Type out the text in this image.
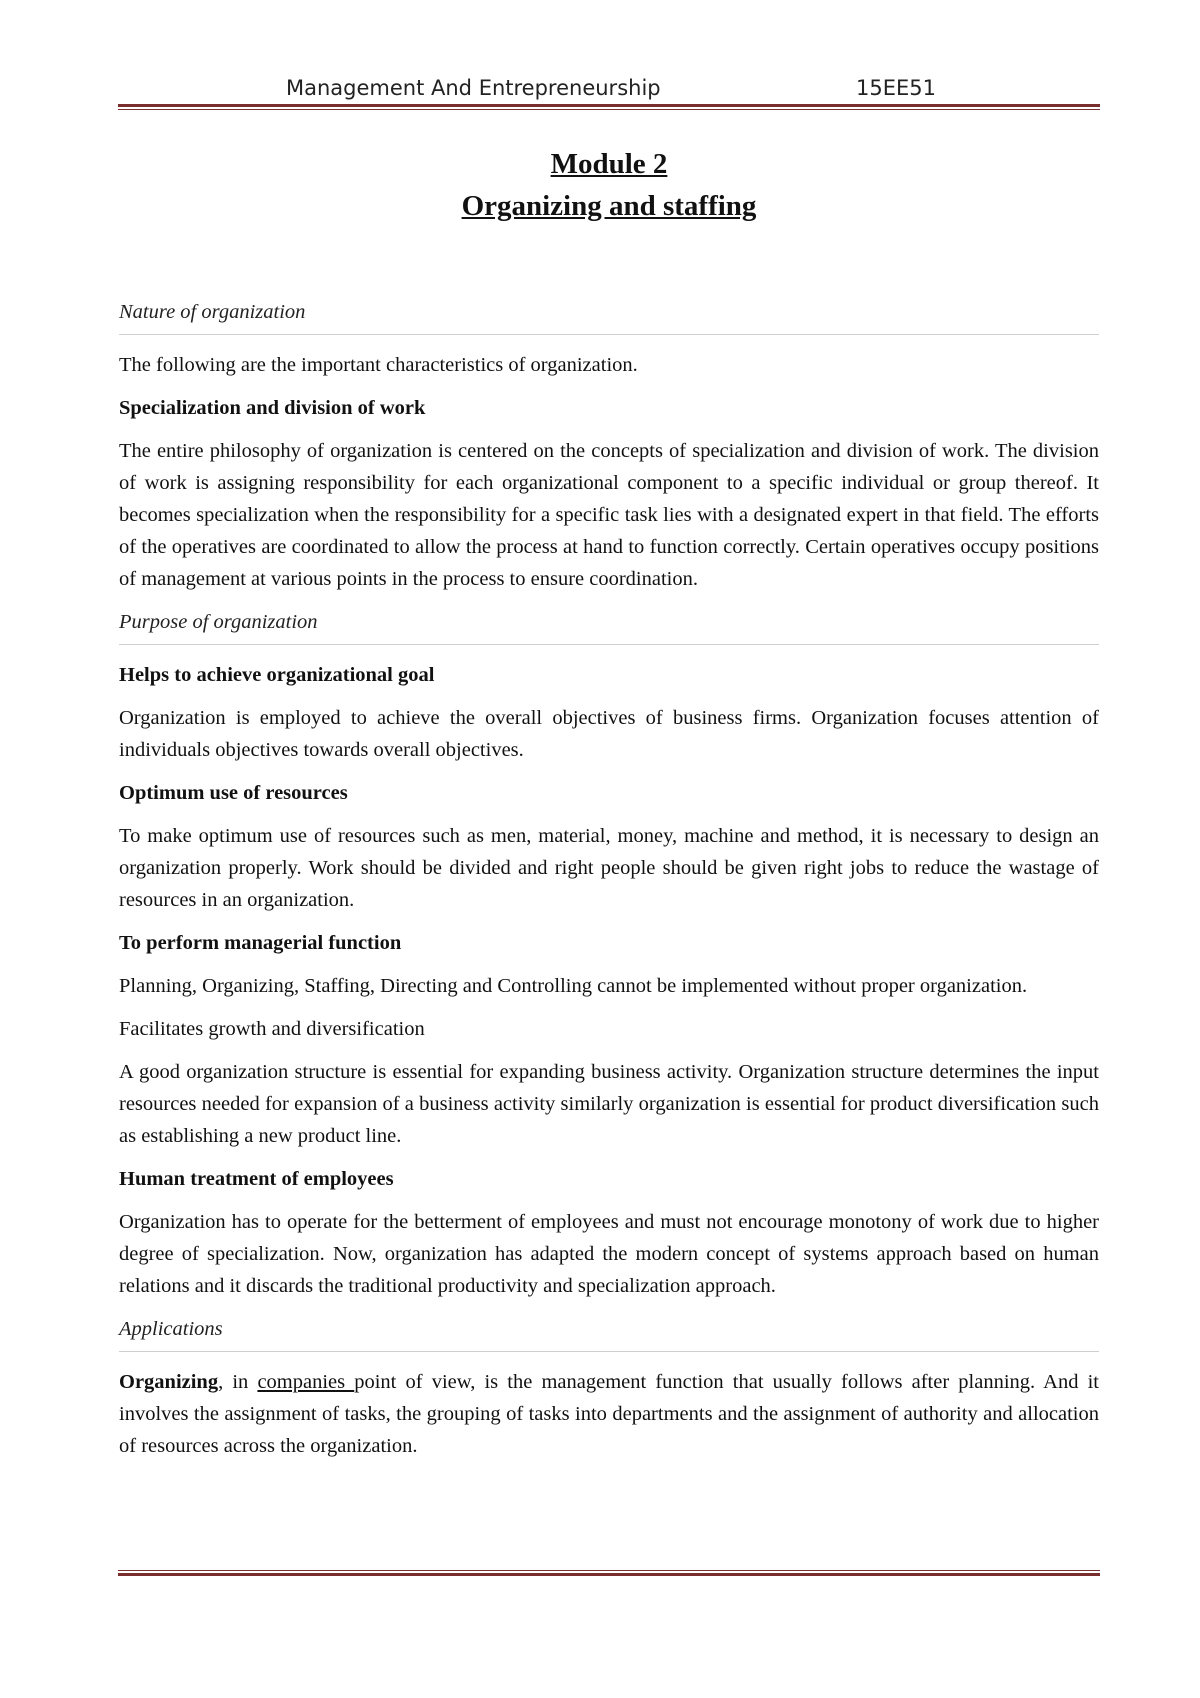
Management And Entrepreneurship	15EE51
Module 2
Organizing and staffing
Nature of organization

The following are the important characteristics of organization.

Specialization and division of work

The entire philosophy of organization is centered on the concepts of specialization and division of work. The division of work is assigning responsibility for each organizational component to a specific individual or group thereof. It becomes specialization when the responsibility for a specific task lies with a designated expert in that field. The efforts of the operatives are coordinated to allow the process at hand to function correctly. Certain operatives occupy positions of management at various points in the process to ensure coordination.

Purpose of organization

Helps to achieve organizational goal

Organization is employed to achieve the overall objectives of business firms. Organization focuses attention of individuals objectives towards overall objectives.

Optimum use of resources

To make optimum use of resources such as men, material, money, machine and method, it is necessary to design an organization properly. Work should be divided and right people should be given right jobs to reduce the wastage of resources in an organization.

To perform managerial function

Planning, Organizing, Staffing, Directing and Controlling cannot be implemented without proper organization.

Facilitates growth and diversification

A good organization structure is essential for expanding business activity. Organization structure determines the input resources needed for expansion of a business activity similarly organization is essential for product diversification such as establishing a new product line.

Human treatment of employees

Organization has to operate for the betterment of employees and must not encourage monotony of work due to higher degree of specialization. Now, organization has adapted the modern concept of systems approach based on human relations and it discards the traditional productivity and specialization approach.

Applications

Organizing, in companies point of view, is the management function that usually follows after planning. And it involves the assignment of tasks, the grouping of tasks into departments and the assignment of authority and allocation of resources across the organization.
